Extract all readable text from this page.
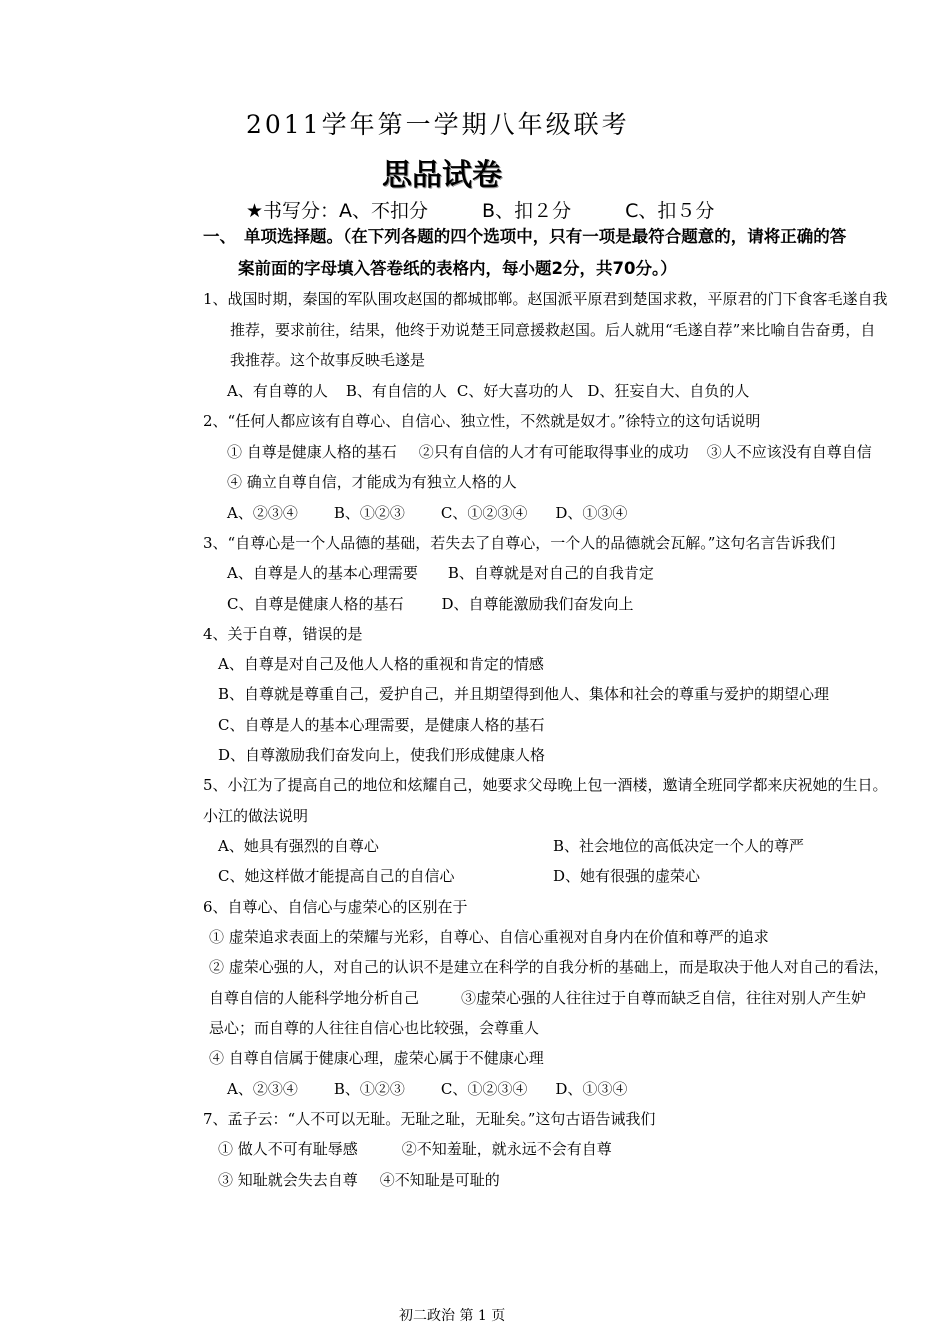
2011学年第一学期八年级联考
思品试卷
★书写分：A、不扣分	B、扣２分	C、扣５分
一、 单项选择题。（在下列各题的四个选项中，只有一项是最符合题意的，请将正确的答
案前面的字母填入答卷纸的表格内，每小题2分，共70分。）
1、战国时期，秦国的军队围攻赵国的都城邯郸。赵国派平原君到楚国求救，平原君的门下食客毛遂自我
推荐，要求前往，结果，他终于劝说楚王同意援救赵国。后人就用“毛遂自荐”来比喻自告奋勇，自
我推荐。这个故事反映毛遂是
A、有自尊的人 B、有自信的人 C、好大喜功的人 D、狂妄自大、自负的人
2、“任何人都应该有自尊心、自信心、独立性，不然就是奴才。”徐特立的这句话说明
① 自尊是健康人格的基石 ②只有自信的人才有可能取得事业的成功 ③人不应该没有自尊自信
④ 确立自尊自信，才能成为有独立人格的人
A、②③④ B、①②③ C、①②③④ D、①③④
3、“自尊心是一个人品德的基础，若失去了自尊心，一个人的品德就会瓦解。”这句名言告诉我们
A、自尊是人的基本心理需要 B、自尊就是对自己的自我肯定
C、自尊是健康人格的基石	D、自尊能激励我们奋发向上
4、关于自尊，错误的是
A、自尊是对自己及他人人格的重视和肯定的情感
B、自尊就是尊重自己，爱护自己，并且期望得到他人、集体和社会的尊重与爱护的期望心理
C、自尊是人的基本心理需要，是健康人格的基石
D、自尊激励我们奋发向上，使我们形成健康人格
5、小江为了提高自己的地位和炫耀自己，她要求父母晚上包一酒楼，邀请全班同学都来庆祝她的生日。
小江的做法说明
A、她具有强烈的自尊心	B、社会地位的高低决定一个人的尊严
C、她这样做才能提高自己的自信心	D、她有很强的虚荣心
6、自尊心、自信心与虚荣心的区别在于
① 虚荣追求表面上的荣耀与光彩，自尊心、自信心重视对自身内在价值和尊严的追求
② 虚荣心强的人，对自己的认识不是建立在科学的自我分析的基础上，而是取决于他人对自己的看法，
自尊自信的人能科学地分析自己	③虚荣心强的人往往过于自尊而缺乏自信，往往对别人产生妒
忌心；而自尊的人往往自信心也比较强，会尊重人
④ 自尊自信属于健康心理，虚荣心属于不健康心理
A、②③④ B、①②③ C、①②③④ D、①③④
7、孟子云：“人不可以无耻。无耻之耻，无耻矣。”这句古语告诫我们
① 做人不可有耻辱感	②不知羞耻，就永远不会有自尊
③ 知耻就会失去自尊 ④不知耻是可耻的
初二政治 第 1 页
